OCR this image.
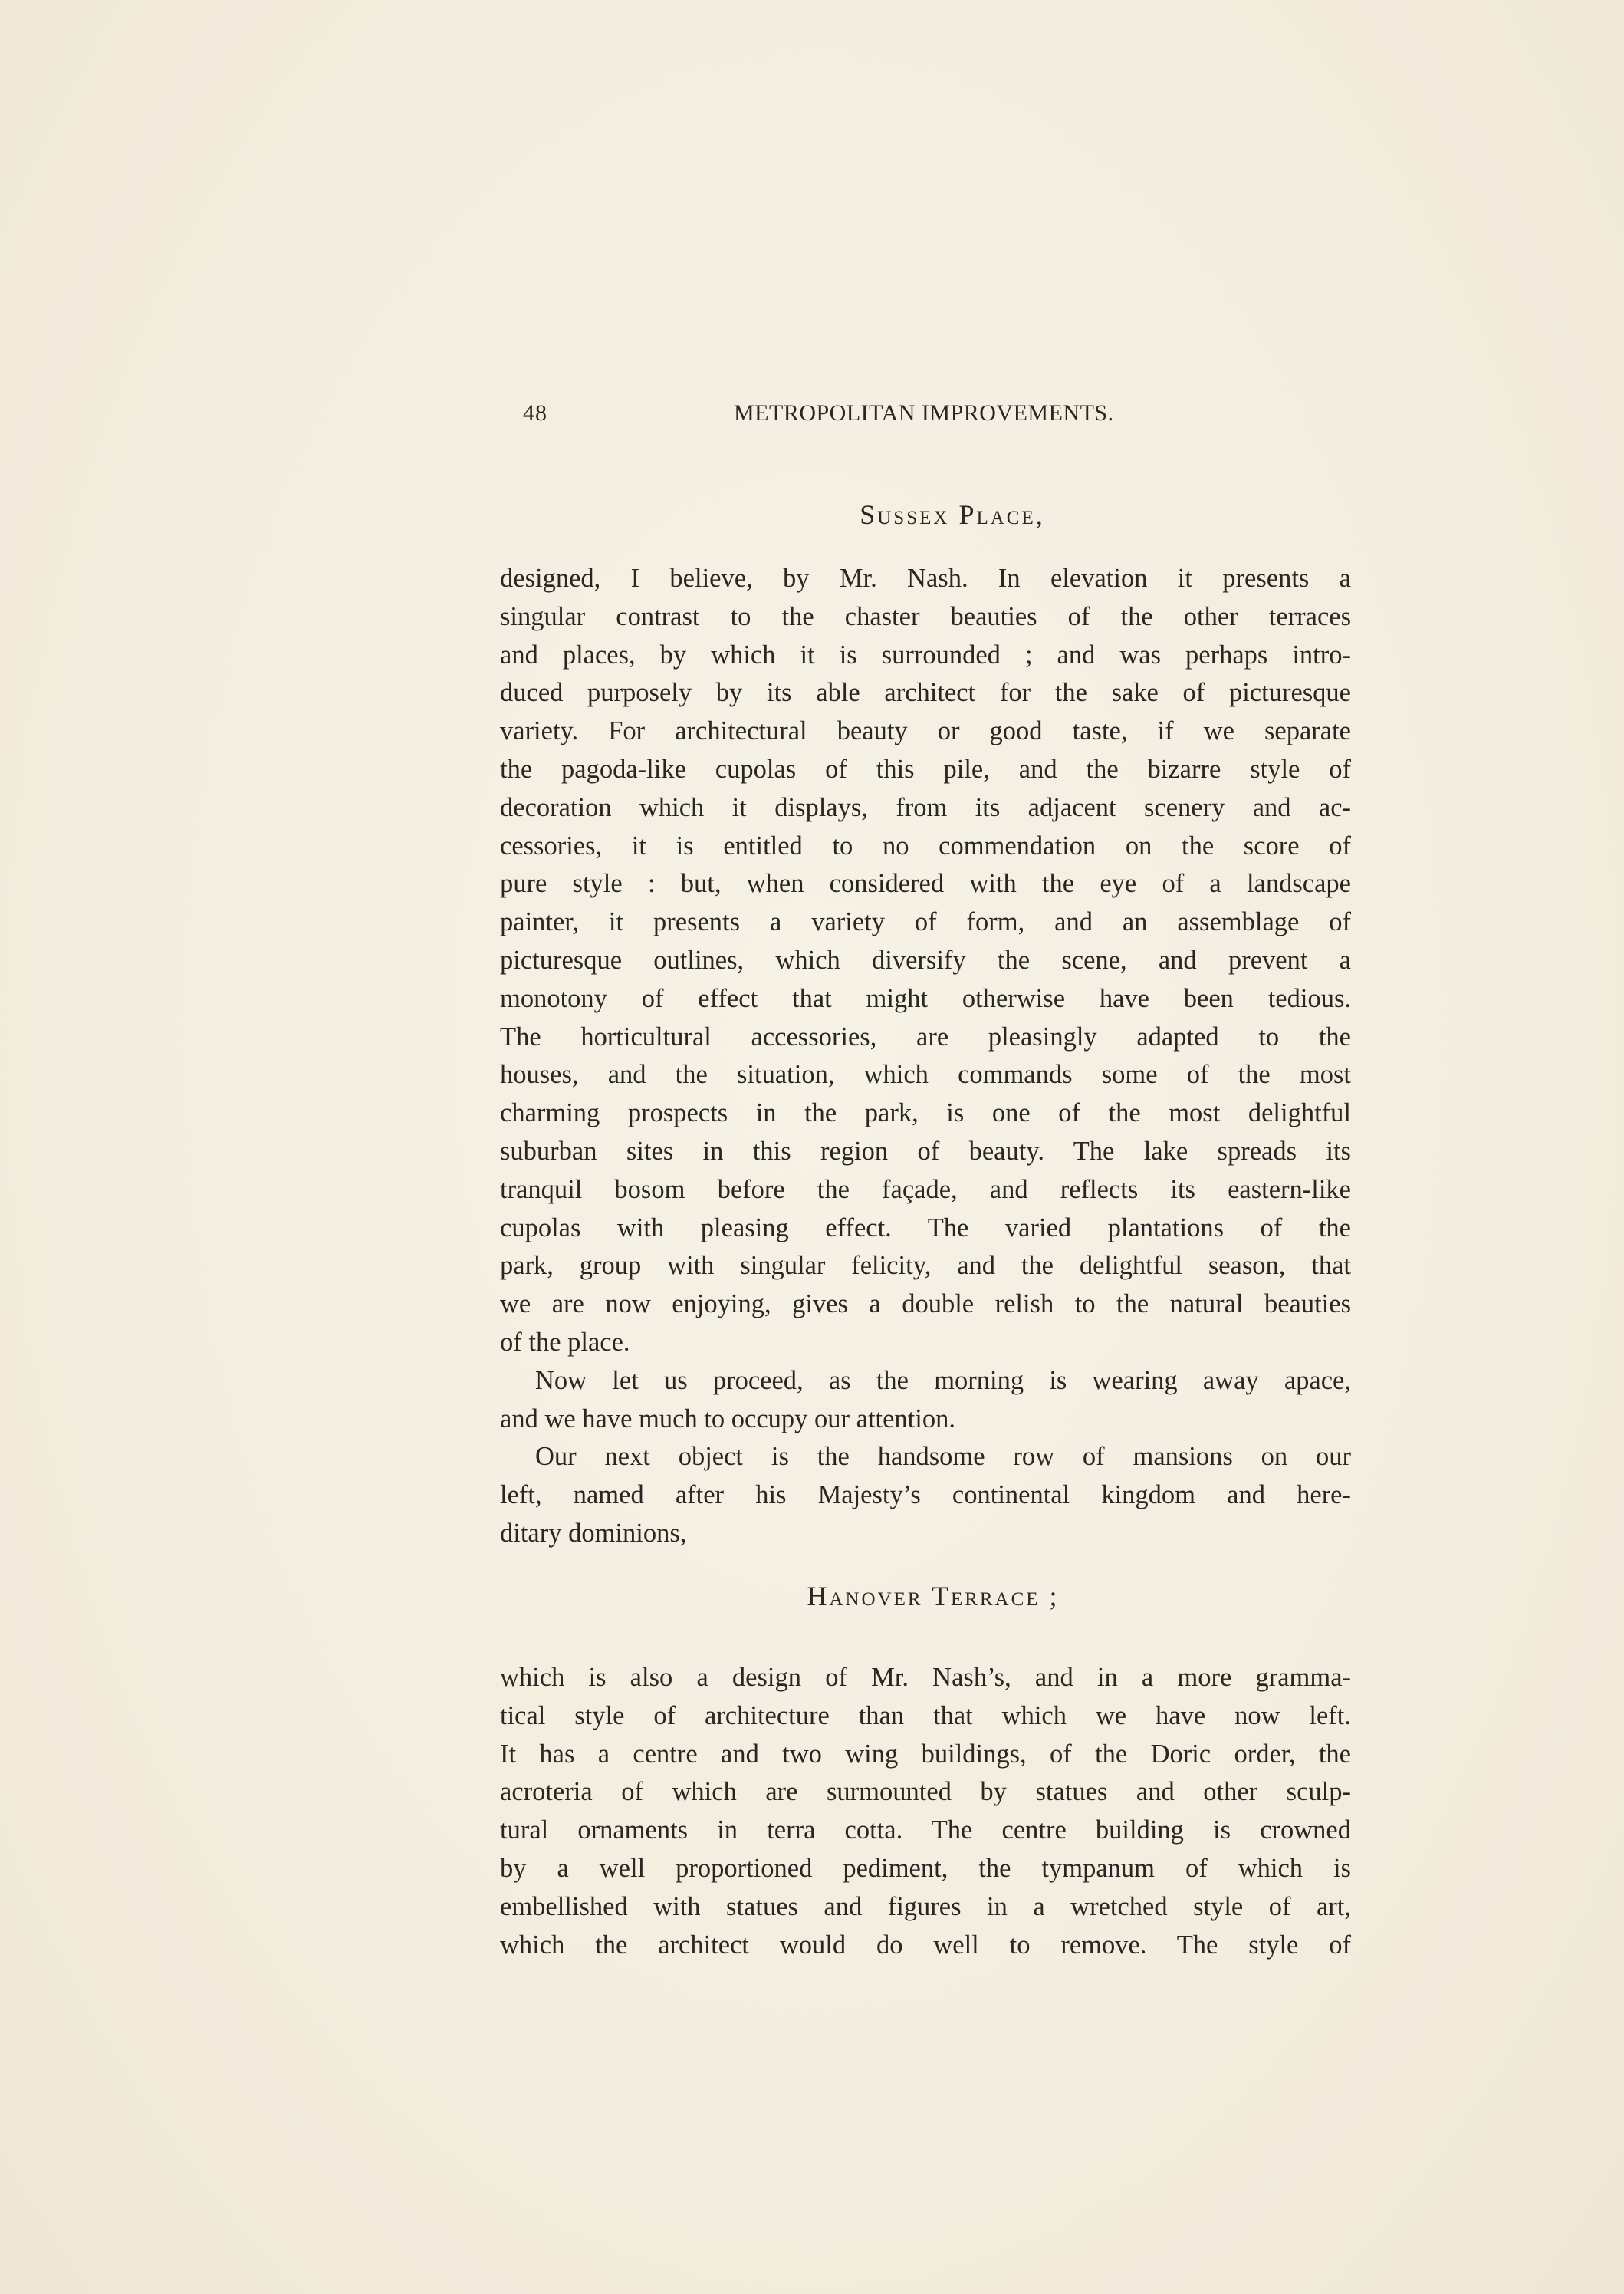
48	METROPOLITAN IMPROVEMENTS.
Sussex Place,
designed, I believe, by Mr. Nash. In elevation it presents a
singular contrast to the chaster beauties of the other terraces
and places, by which it is surrounded ; and was perhaps intro-
duced purposely by its able architect for the sake of picturesque
variety. For architectural beauty or good taste, if we separate
the pagoda-like cupolas of this pile, and the bizarre style of
decoration which it displays, from its adjacent scenery and ac-
cessories, it is entitled to no commendation on the score of
pure style : but, when considered with the eye of a landscape
painter, it presents a variety of form, and an assemblage of
picturesque outlines, which diversify the scene, and prevent a
monotony of effect that might otherwise have been tedious.
The horticultural accessories, are pleasingly adapted to the
houses, and the situation, which commands some of the most
charming prospects in the park, is one of the most delightful
suburban sites in this region of beauty. The lake spreads its
tranquil bosom before the façade, and reflects its eastern-like
cupolas with pleasing effect. The varied plantations of the
park, group with singular felicity, and the delightful season, that
we are now enjoying, gives a double relish to the natural beauties
of the place.
Now let us proceed, as the morning is wearing away apace,
and we have much to occupy our attention.
Our next object is the handsome row of mansions on our
left, named after his Majesty’s continental kingdom and here-
ditary dominions,
Hanover Terrace ;
which is also a design of Mr. Nash’s, and in a more gramma-
tical style of architecture than that which we have now left.
It has a centre and two wing buildings, of the Doric order, the
acroteria of which are surmounted by statues and other sculp-
tural ornaments in terra cotta. The centre building is crowned
by a well proportioned pediment, the tympanum of which is
embellished with statues and figures in a wretched style of art,
which the architect would do well to remove. The style of
